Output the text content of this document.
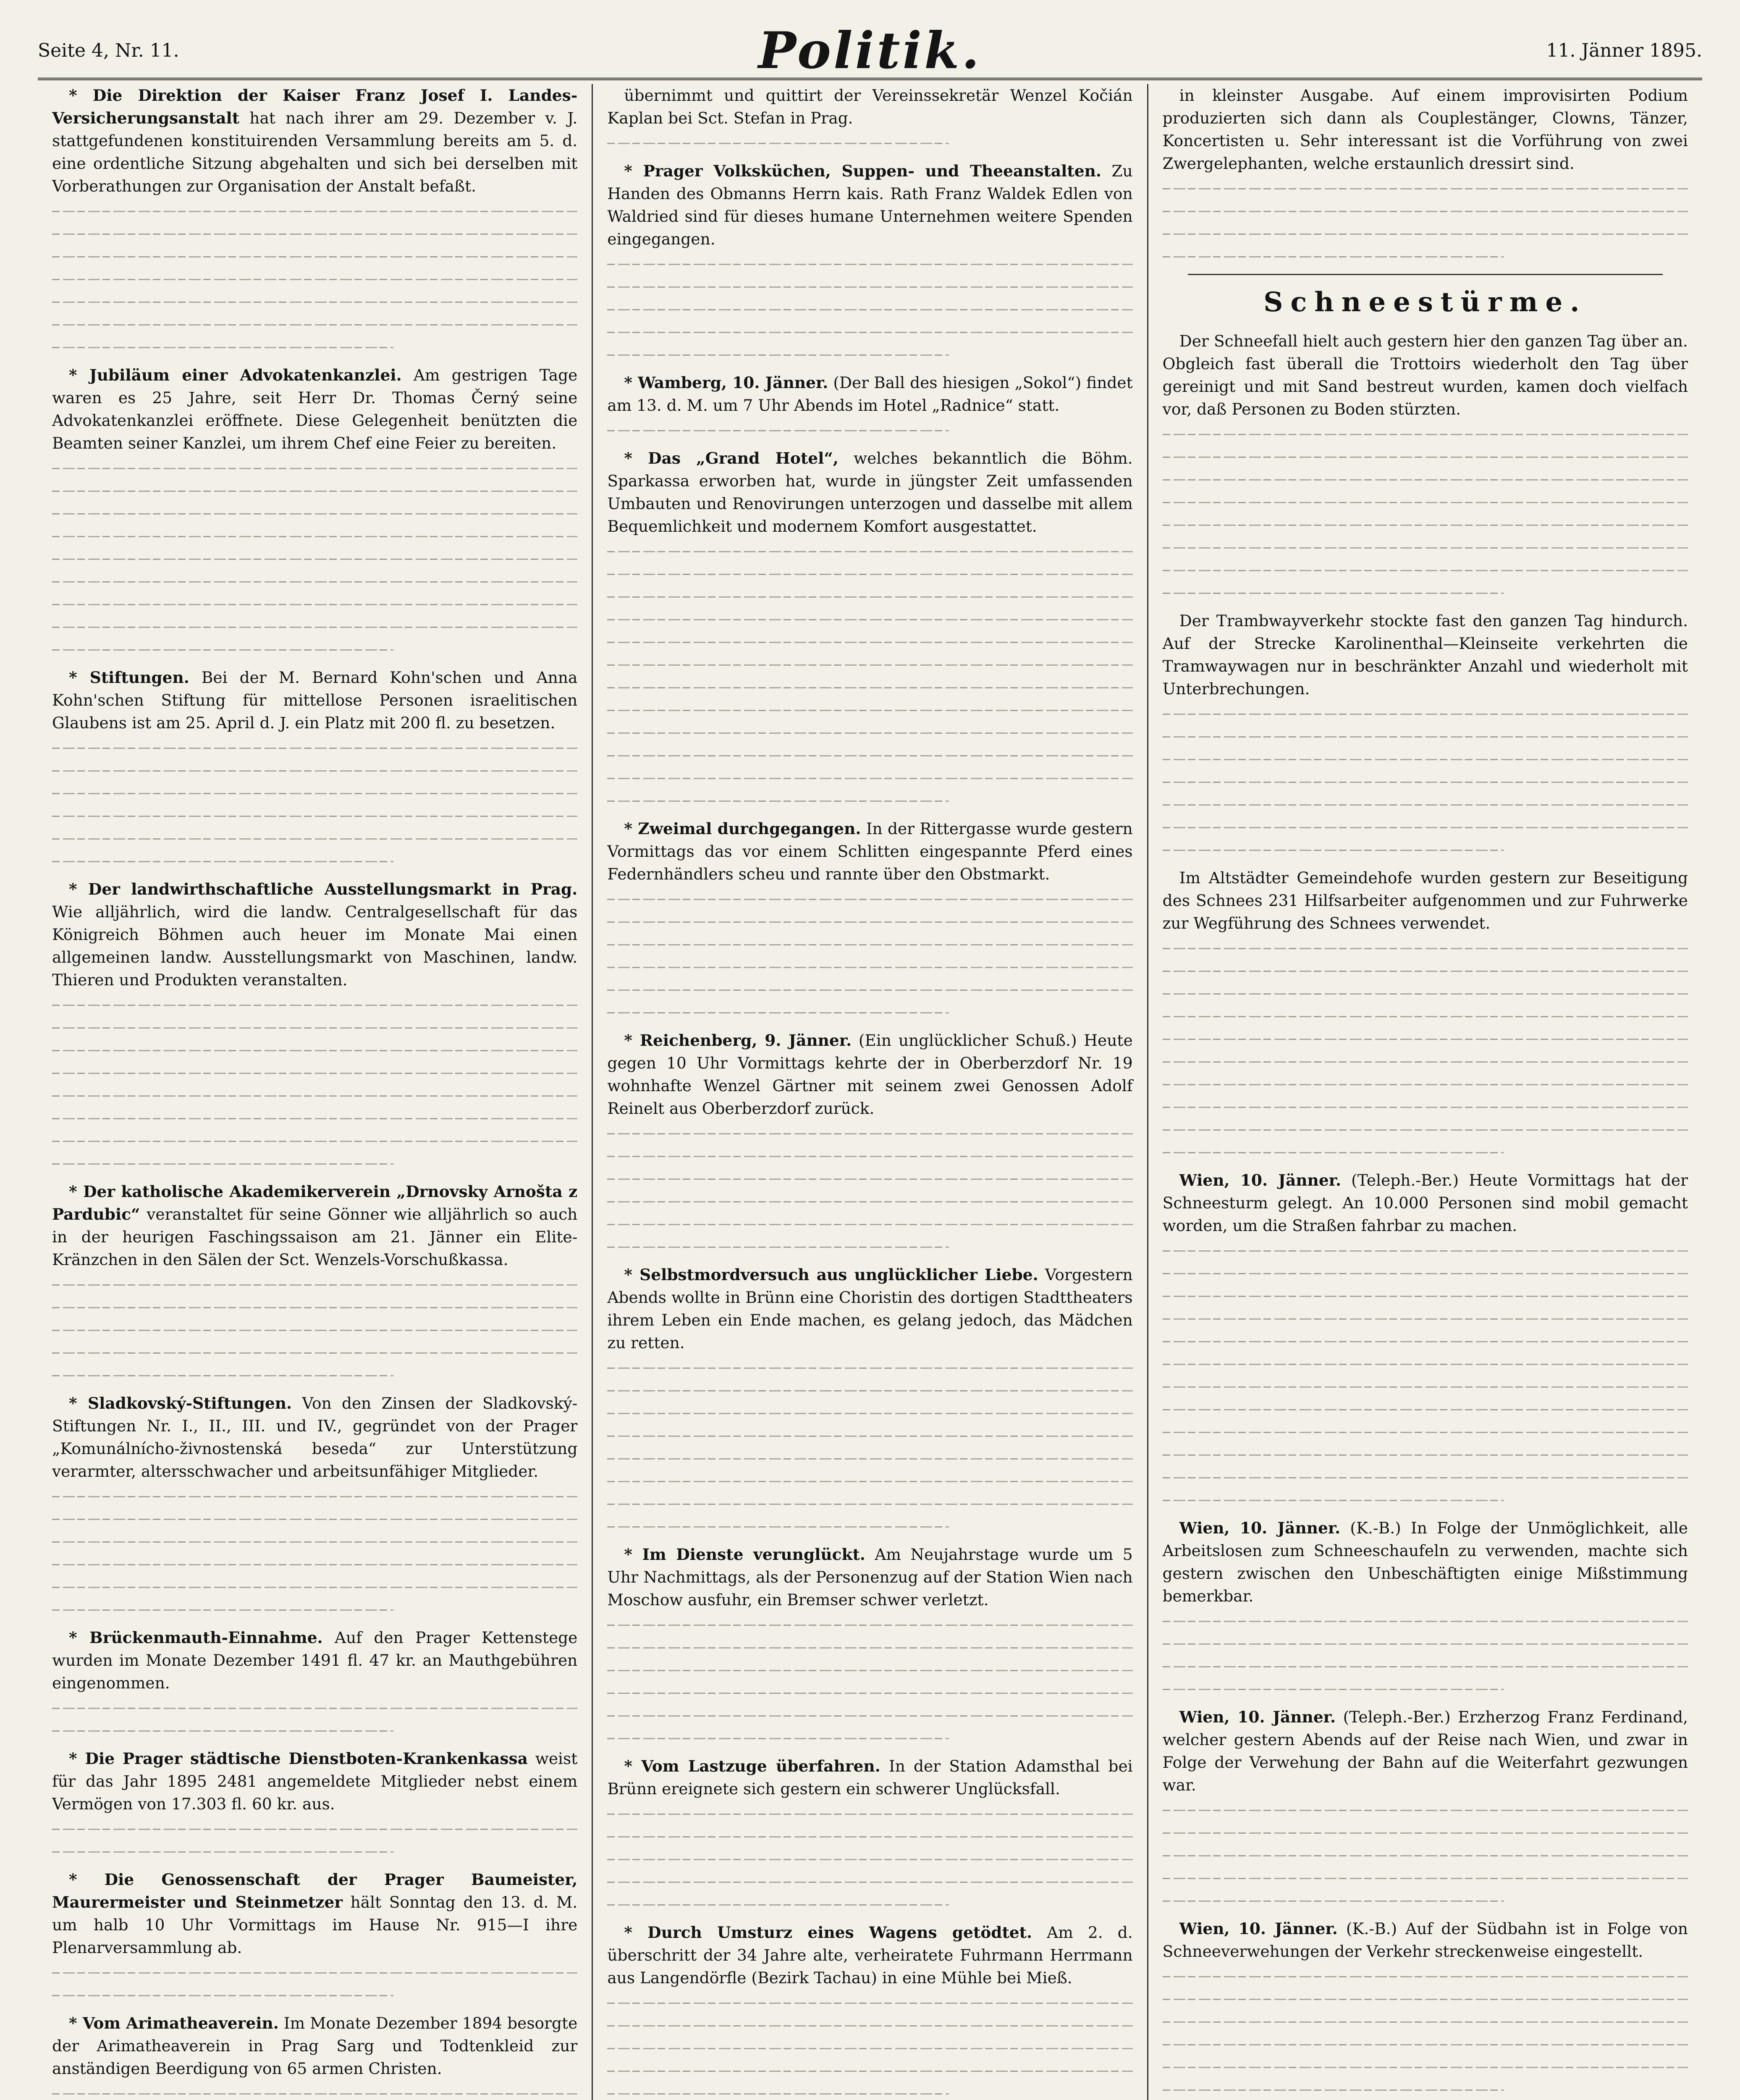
Seite 4, Nr. 11.	Politik.	11. Jänner 1895.

* Die Direktion der Kaiser Franz Josef I. Landes-Versicherungsanstalt hat nach ihrer am 29. Dezember v. J. stattgefundenen konstituirenden Versammlung bereits am 5. d. eine ordentliche Sitzung abgehalten und sich bei derselben mit Vorberathungen zur Organisation der Anstalt befaßt.

* Jubiläum einer Advokatenkanzlei. Am gestrigen Tage waren es 25 Jahre, seit Herr Dr. Thomas Černý seine Advokatenkanzlei eröffnete. Diese Gelegenheit benützten die Beamten seiner Kanzlei, um ihrem Chef eine Feier zu bereiten.

* Stiftungen. Bei der M. Bernard Kohn'schen und Anna Kohn'schen Stiftung für mittellose Personen israelitischen Glaubens ist am 25. April d. J. ein Platz mit 200 fl. zu besetzen.

* Der landwirthschaftliche Ausstellungsmarkt in Prag. Wie alljährlich, wird die landw. Centralgesellschaft für das Königreich Böhmen auch heuer im Monate Mai einen allgemeinen landw. Ausstellungsmarkt von Maschinen, landw. Thieren und Produkten veranstalten.

* Der katholische Akademikerverein „Drnovsky Arnošta z Pardubic“ veranstaltet für seine Gönner wie alljährlich so auch in der heurigen Faschingssaison am 21. Jänner ein Elite-Kränzchen in den Sälen der Sct. Wenzels-Vorschußkassa.

* Sladkovský-Stiftungen. Von den Zinsen der Sladkovský-Stiftungen Nr. I., II., III. und IV., gegründet von der Prager „Komunálnícho-živnostenská beseda“ zur Unterstützung verarmter, altersschwacher und arbeitsunfähiger Mitglieder.

* Brückenmauth-Einnahme. Auf den Prager Kettenstege wurden im Monate Dezember 1491 fl. 47 kr. an Mauthgebühren eingenommen.

* Die Prager städtische Dienstboten-Krankenkassa weist für das Jahr 1895 2481 angemeldete Mitglieder nebst einem Vermögen von 17.303 fl. 60 kr. aus.

* Die Genossenschaft der Prager Baumeister, Maurermeister und Steinmetzer hält Sonntag den 13. d. M. um halb 10 Uhr Vormittags im Hause Nr. 915—I ihre Plenarversammlung ab.

* Vom Arimatheaverein. Im Monate Dezember 1894 besorgte der Arimatheaverein in Prag Sarg und Todtenkleid zur anständigen Beerdigung von 65 armen Christen.

übernimmt und quittirt der Vereinssekretär Wenzel Kočián Kaplan bei Sct. Stefan in Prag.

* Prager Volksküchen, Suppen- und Theeanstalten. Zu Handen des Obmanns Herrn kais. Rath Franz Waldek Edlen von Waldried sind für dieses humane Unternehmen weitere Spenden eingegangen.

* Wamberg, 10. Jänner. (Der Ball des hiesigen „Sokol“) findet am 13. d. M. um 7 Uhr Abends im Hotel „Radnice“ statt.

* Das „Grand Hotel“, welches bekanntlich die Böhm. Sparkassa erworben hat, wurde in jüngster Zeit umfassenden Umbauten und Renovirungen unterzogen und dasselbe mit allem Bequemlichkeit und modernem Komfort ausgestattet.

* Zweimal durchgegangen. In der Rittergasse wurde gestern Vormittags das vor einem Schlitten eingespannte Pferd eines Federnhändlers scheu und rannte über den Obstmarkt.

* Reichenberg, 9. Jänner. (Ein unglücklicher Schuß.) Heute gegen 10 Uhr Vormittags kehrte der in Oberberzdorf Nr. 19 wohnhafte Wenzel Gärtner mit seinem zwei Genossen Adolf Reinelt aus Oberberzdorf zurück.

* Selbstmordversuch aus unglücklicher Liebe. Vorgestern Abends wollte in Brünn eine Choristin des dortigen Stadttheaters ihrem Leben ein Ende machen, es gelang jedoch, das Mädchen zu retten.

* Im Dienste verunglückt. Am Neujahrstage wurde um 5 Uhr Nachmittags, als der Personenzug auf der Station Wien nach Moschow ausfuhr, ein Bremser schwer verletzt.

* Vom Lastzuge überfahren. In der Station Adamsthal bei Brünn ereignete sich gestern ein schwerer Unglücksfall.

* Durch Umsturz eines Wagens getödtet. Am 2. d. überschritt der 34 Jahre alte, verheiratete Fuhrmann Herrmann aus Langendörfle (Bezirk Tachau) in eine Mühle bei Mieß.

in kleinster Ausgabe. Auf einem improvisirten Podium produzierten sich dann als Couplestänger, Clowns, Tänzer, Koncertisten u. Sehr interessant ist die Vorführung von zwei Zwergelephanten, welche erstaunlich dressirt sind.

Schneestürme.

Der Schneefall hielt auch gestern hier den ganzen Tag über an. Obgleich fast überall die Trottoirs wiederholt den Tag über gereinigt und mit Sand bestreut wurden, kamen doch vielfach vor, daß Personen zu Boden stürzten.

Der Trambwayverkehr stockte fast den ganzen Tag hindurch. Auf der Strecke Karolinenthal—Kleinseite verkehrten die Tramwaywagen nur in beschränkter Anzahl und wiederholt mit Unterbrechungen.

Im Altstädter Gemeindehofe wurden gestern zur Beseitigung des Schnees 231 Hilfsarbeiter aufgenommen und zur Fuhrwerke zur Wegführung des Schnees verwendet.

Wien, 10. Jänner. (Teleph.-Ber.) Heute Vormittags hat der Schneesturm gelegt. An 10.000 Personen sind mobil gemacht worden, um die Straßen fahrbar zu machen.

Wien, 10. Jänner. (K.-B.) In Folge der Unmöglichkeit, alle Arbeitslosen zum Schneeschaufeln zu verwenden, machte sich gestern zwischen den Unbeschäftigten einige Mißstimmung bemerkbar.

Wien, 10. Jänner. (Teleph.-Ber.) Erzherzog Franz Ferdinand, welcher gestern Abends auf der Reise nach Wien, und zwar in Folge der Verwehung der Bahn auf die Weiterfahrt gezwungen war.

Wien, 10. Jänner. (K.-B.) Auf der Südbahn ist in Folge von Schneeverwehungen der Verkehr streckenweise eingestellt.
